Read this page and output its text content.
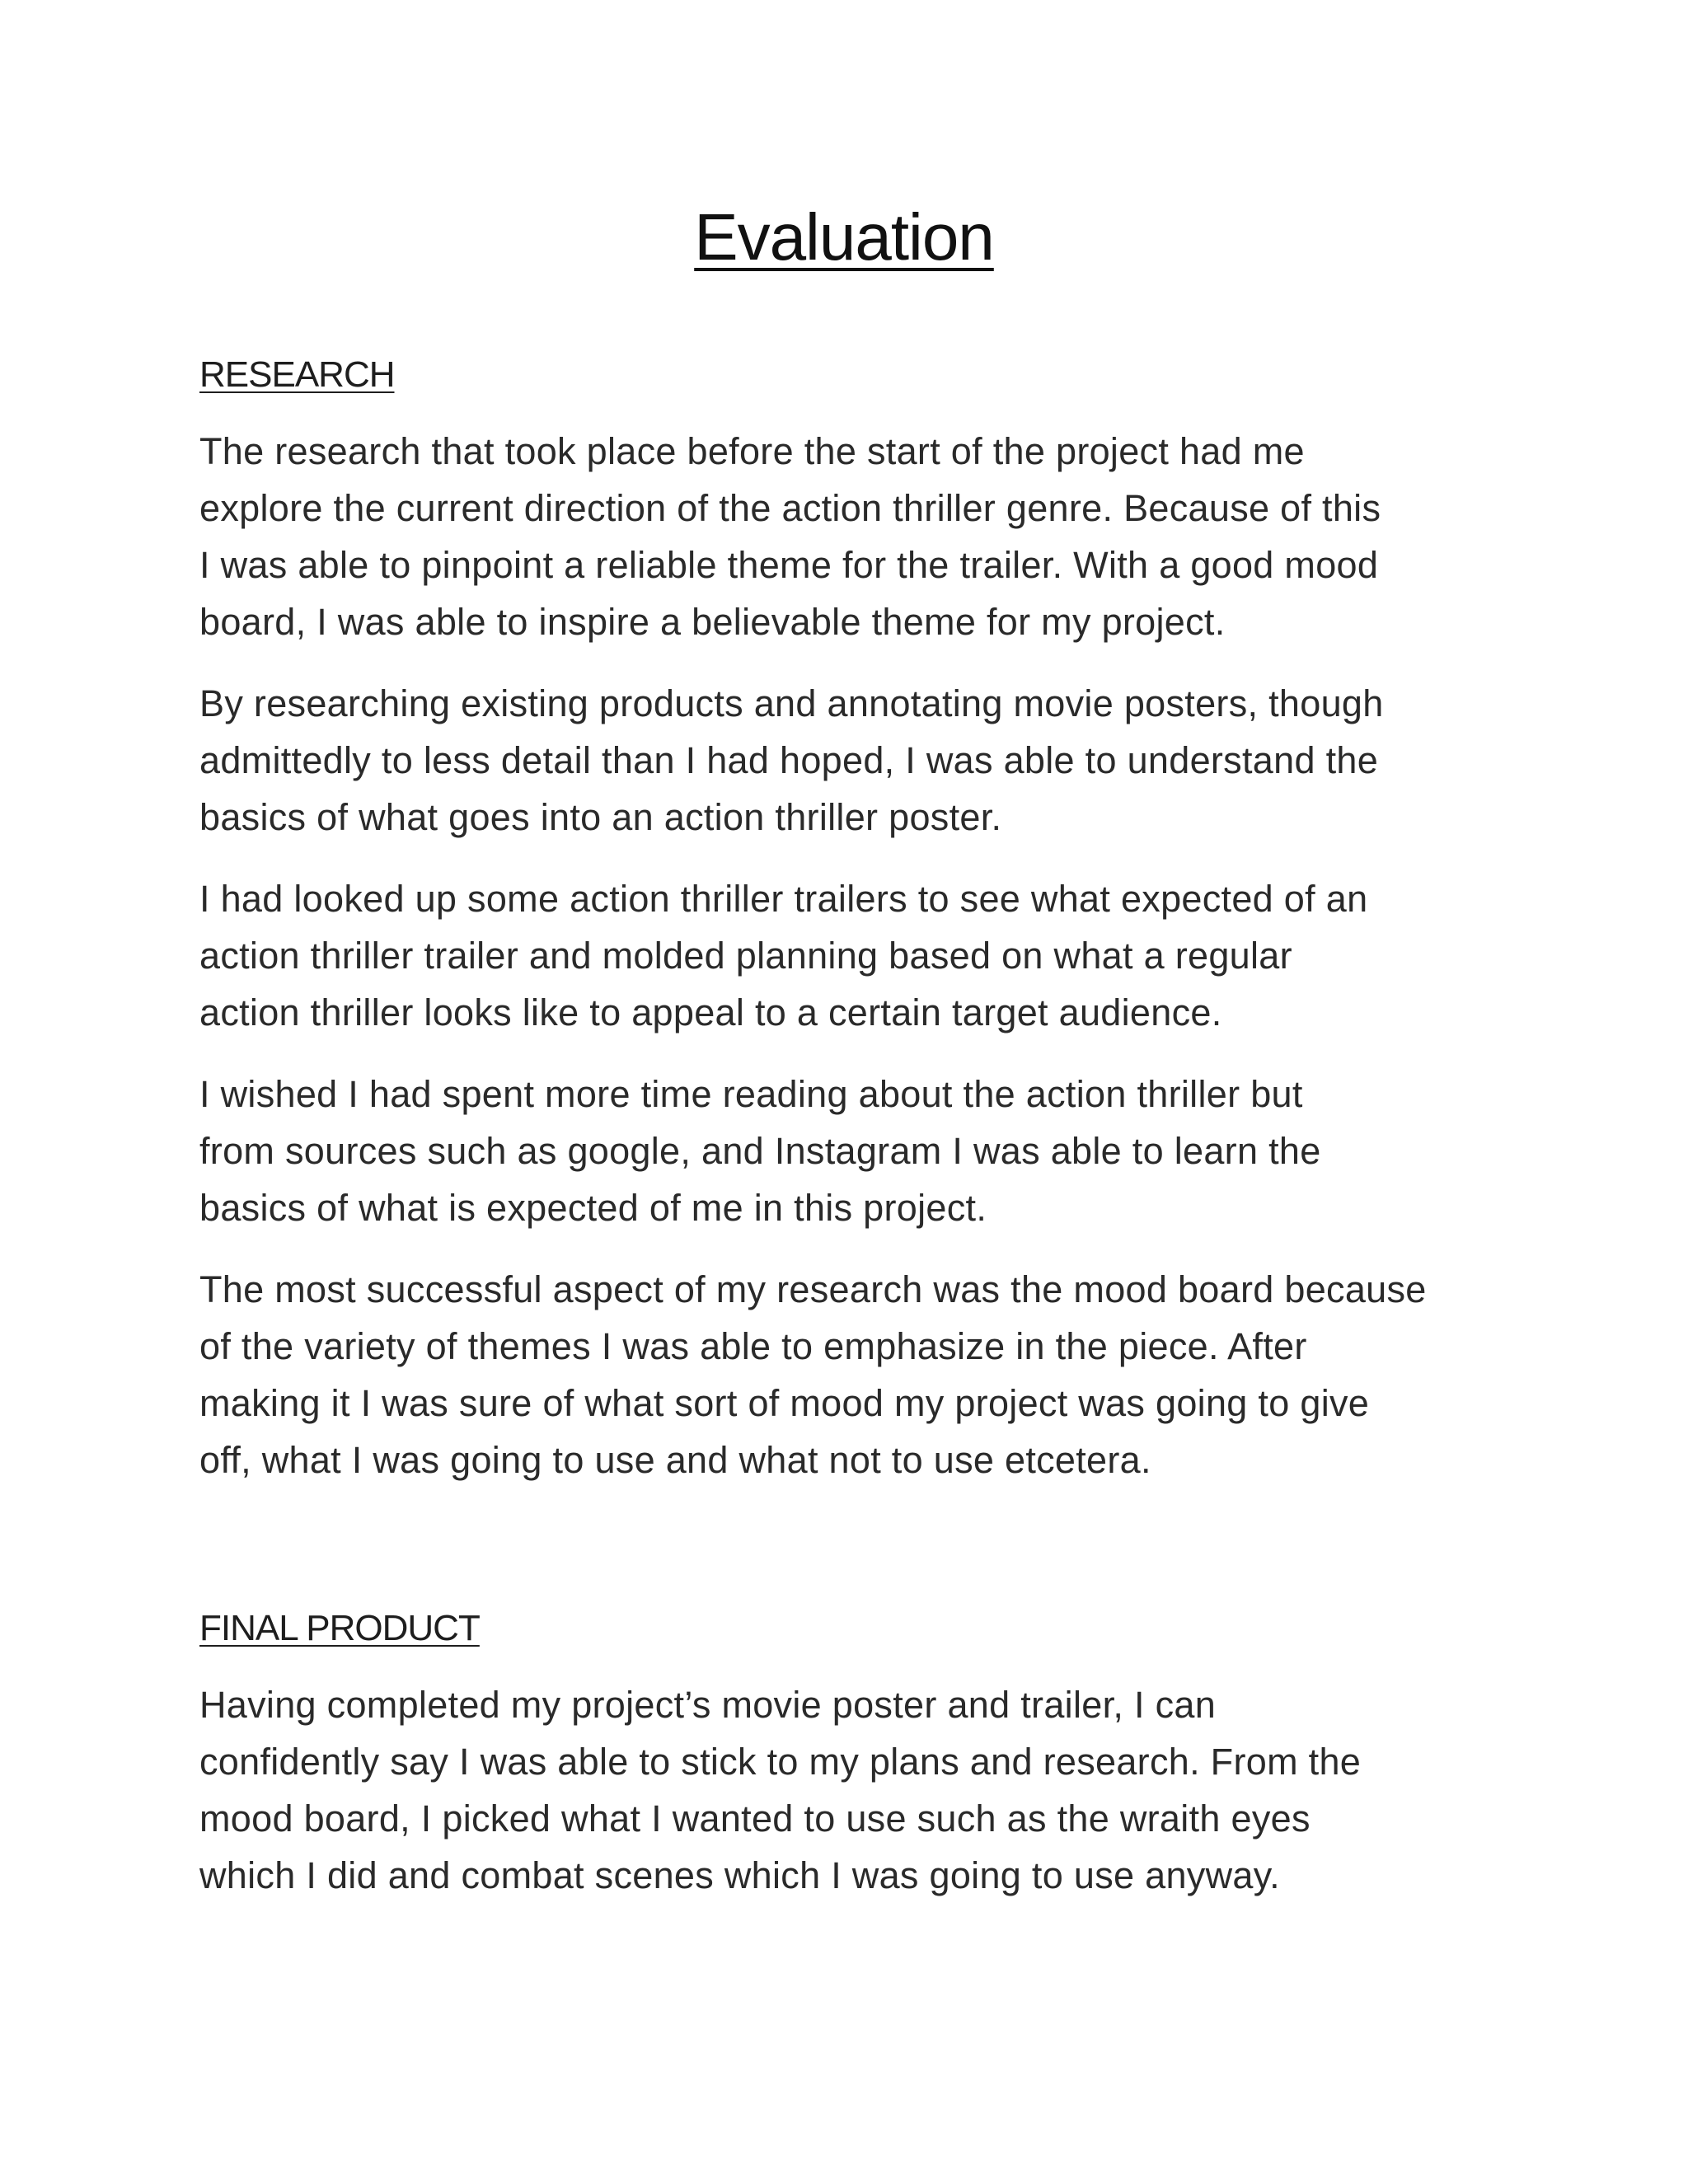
Evaluation

RESEARCH

The research that took place before the start of the project had me
explore the current direction of the action thriller genre. Because of this
I was able to pinpoint a reliable theme for the trailer. With a good mood
board, I was able to inspire a believable theme for my project.

By researching existing products and annotating movie posters, though
admittedly to less detail than I had hoped, I was able to understand the
basics of what goes into an action thriller poster.

I had looked up some action thriller trailers to see what expected of an
action thriller trailer and molded planning based on what a regular
action thriller looks like to appeal to a certain target audience.

I wished I had spent more time reading about the action thriller but
from sources such as google, and Instagram I was able to learn the
basics of what is expected of me in this project.

The most successful aspect of my research was the mood board because
of the variety of themes I was able to emphasize in the piece. After
making it I was sure of what sort of mood my project was going to give
off, what I was going to use and what not to use etcetera.

FINAL PRODUCT

Having completed my project’s movie poster and trailer, I can
confidently say I was able to stick to my plans and research. From the
mood board, I picked what I wanted to use such as the wraith eyes
which I did and combat scenes which I was going to use anyway.
